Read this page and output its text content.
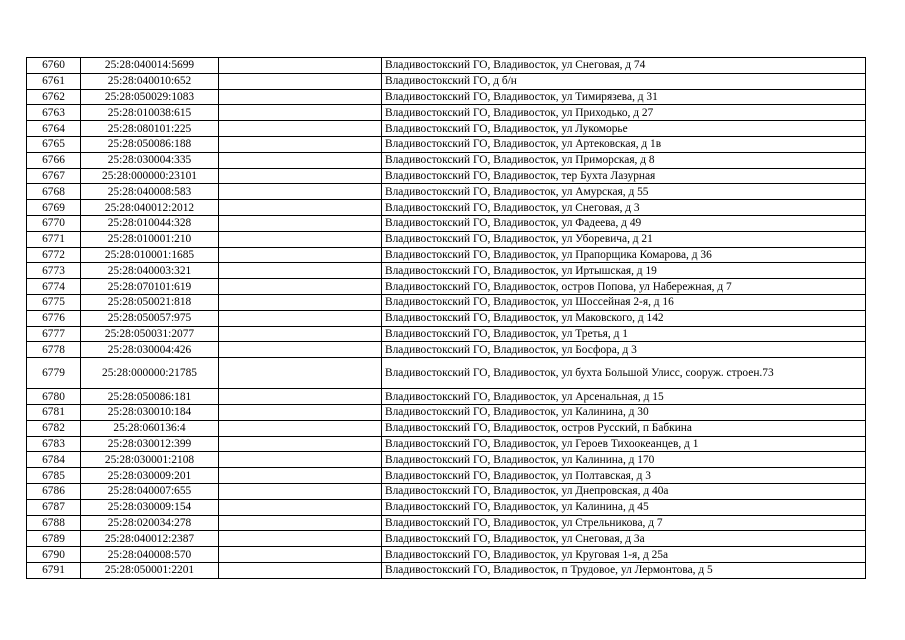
6760	25:28:040014:5699		Владивостокский ГО, Владивосток, ул Снеговая, д 74
6761	25:28:040010:652		Владивостокский ГО, д б/н
6762	25:28:050029:1083		Владивостокский ГО, Владивосток, ул Тимирязева, д 31
6763	25:28:010038:615		Владивостокский ГО, Владивосток, ул Приходько, д 27
6764	25:28:080101:225		Владивостокский ГО, Владивосток, ул Лукоморье
6765	25:28:050086:188		Владивостокский ГО, Владивосток, ул Артековская, д 1в
6766	25:28:030004:335		Владивостокский ГО, Владивосток, ул Приморская, д 8
6767	25:28:000000:23101		Владивостокский ГО, Владивосток, тер Бухта Лазурная
6768	25:28:040008:583		Владивостокский ГО, Владивосток, ул Амурская, д 55
6769	25:28:040012:2012		Владивостокский ГО, Владивосток, ул Снеговая, д 3
6770	25:28:010044:328		Владивостокский ГО, Владивосток, ул Фадеева, д 49
6771	25:28:010001:210		Владивостокский ГО, Владивосток, ул Уборевича, д 21
6772	25:28:010001:1685		Владивостокский ГО, Владивосток, ул Прапорщика Комарова, д 36
6773	25:28:040003:321		Владивостокский ГО, Владивосток, ул Иртышская, д 19
6774	25:28:070101:619		Владивостокский ГО, Владивосток, остров Попова, ул Набережная, д 7
6775	25:28:050021:818		Владивостокский ГО, Владивосток, ул Шоссейная 2-я, д 16
6776	25:28:050057:975		Владивостокский ГО, Владивосток, ул Маковского, д 142
6777	25:28:050031:2077		Владивостокский ГО, Владивосток, ул Третья, д 1
6778	25:28:030004:426		Владивостокский ГО, Владивосток, ул Босфора, д 3
6779	25:28:000000:21785		Владивостокский ГО, Владивосток, ул бухта Большой Улисс, сооруж. строен.73
6780	25:28:050086:181		Владивостокский ГО, Владивосток, ул Арсенальная, д 15
6781	25:28:030010:184		Владивостокский ГО, Владивосток, ул Калинина, д 30
6782	25:28:060136:4		Владивостокский ГО, Владивосток, остров Русский, п Бабкина
6783	25:28:030012:399		Владивостокский ГО, Владивосток, ул Героев Тихоокеанцев, д 1
6784	25:28:030001:2108		Владивостокский ГО, Владивосток, ул Калинина, д 170
6785	25:28:030009:201		Владивостокский ГО, Владивосток, ул Полтавская, д 3
6786	25:28:040007:655		Владивостокский ГО, Владивосток, ул Днепровская, д 40а
6787	25:28:030009:154		Владивостокский ГО, Владивосток, ул Калинина, д 45
6788	25:28:020034:278		Владивостокский ГО, Владивосток, ул Стрельникова, д 7
6789	25:28:040012:2387		Владивостокский ГО, Владивосток, ул Снеговая, д 3а
6790	25:28:040008:570		Владивостокский ГО, Владивосток, ул Круговая 1-я, д 25а
6791	25:28:050001:2201		Владивостокский ГО, Владивосток, п Трудовое, ул Лермонтова, д 5
